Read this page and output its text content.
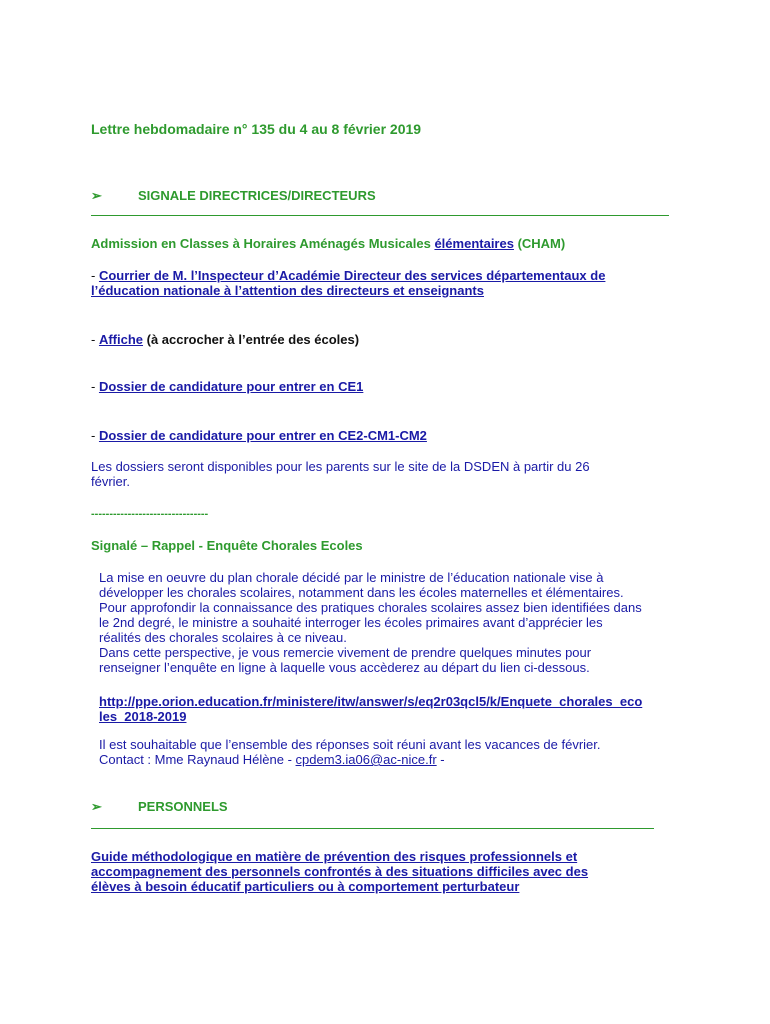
Lettre hebdomadaire n° 135 du 4 au 8 février 2019
➢	SIGNALE DIRECTRICES/DIRECTEURS
Admission en Classes à Horaires Aménagés Musicales élémentaires (CHAM)
- Courrier de M. l’Inspecteur d’Académie Directeur des services départementaux de
l’éducation nationale à l’attention des directeurs et enseignants
- Affiche (à accrocher à l’entrée des écoles)
- Dossier de candidature pour entrer en CE1
- Dossier de candidature pour entrer en CE2-CM1-CM2
Les dossiers seront disponibles pour les parents sur le site de la DSDEN à partir du 26
février.
--------------------------------
Signalé – Rappel - Enquête Chorales Ecoles
La mise en oeuvre du plan chorale décidé par le ministre de l’éducation nationale vise à
développer les chorales scolaires, notamment dans les écoles maternelles et élémentaires.
Pour approfondir la connaissance des pratiques chorales scolaires assez bien identifiées dans
le 2nd degré, le ministre a souhaité interroger les écoles primaires avant d’apprécier les
réalités des chorales scolaires à ce niveau.
Dans cette perspective, je vous remercie vivement de prendre quelques minutes pour
renseigner l’enquête en ligne à laquelle vous accèderez au départ du lien ci-dessous.
http://ppe.orion.education.fr/ministere/itw/answer/s/eq2r03qcl5/k/Enquete_chorales_eco
les_2018-2019
Il est souhaitable que l’ensemble des réponses soit réuni avant les vacances de février.
Contact : Mme Raynaud Hélène - cpdem3.ia06@ac-nice.fr -
➢	PERSONNELS
Guide méthodologique en matière de prévention des risques professionnels et
accompagnement des personnels confrontés à des situations difficiles avec des
élèves à besoin éducatif particuliers ou à comportement perturbateur
